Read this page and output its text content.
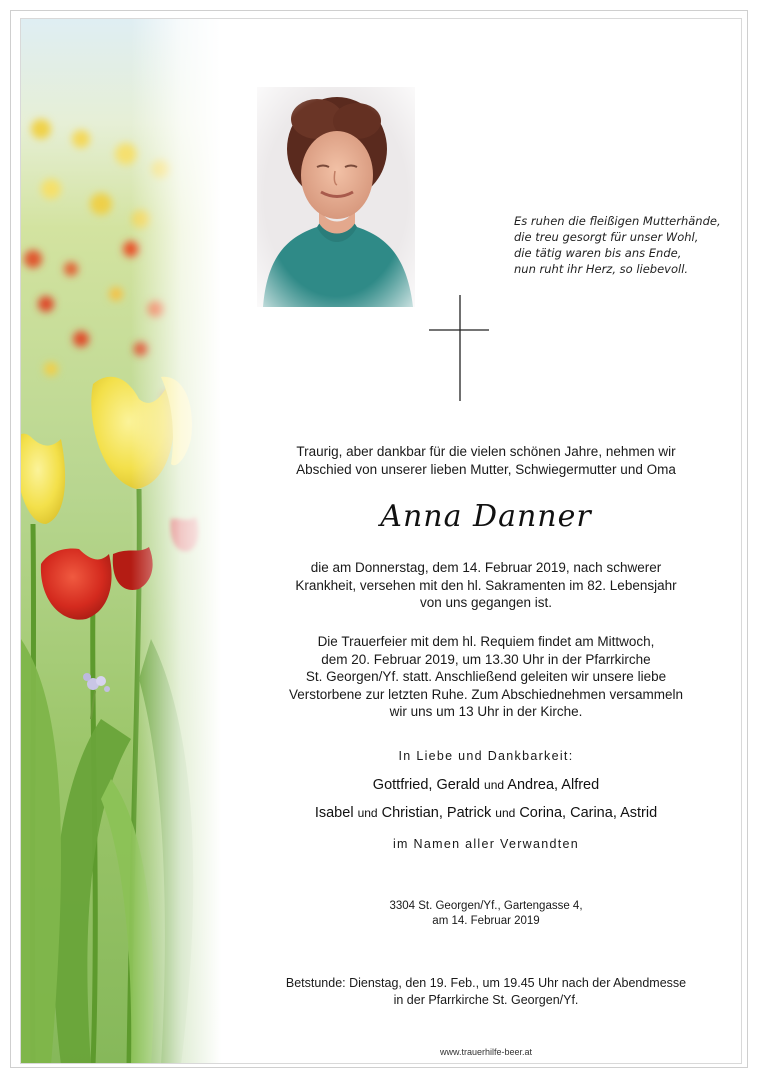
Es ruhen die fleißigen Mutterhände,
die treu gesorgt für unser Wohl,
die tätig waren bis ans Ende,
nun ruht ihr Herz, so liebevoll.
Traurig, aber dankbar für die vielen schönen Jahre, nehmen wir
Abschied von unserer lieben Mutter, Schwiegermutter und Oma
Anna Danner
die am Donnerstag, dem 14. Februar 2019, nach schwerer
Krankheit, versehen mit den hl. Sakramenten im 82. Lebensjahr
von uns gegangen ist.
Die Trauerfeier mit dem hl. Requiem findet am Mittwoch,
dem 20. Februar 2019, um 13.30 Uhr in der Pfarrkirche
St. Georgen/Yf. statt. Anschließend geleiten wir unsere liebe
Verstorbene zur letzten Ruhe. Zum Abschiednehmen versammeln
wir uns um 13 Uhr in der Kirche.
In Liebe und Dankbarkeit:
Gottfried, Gerald und Andrea, Alfred
Isabel und Christian, Patrick und Corina, Carina, Astrid
im Namen aller Verwandten
3304 St. Georgen/Yf., Gartengasse 4,
am 14. Februar 2019
Betstunde: Dienstag, den 19. Feb., um 19.45 Uhr nach der Abendmesse
in der Pfarrkirche St. Georgen/Yf.
www.trauerhilfe-beer.at
